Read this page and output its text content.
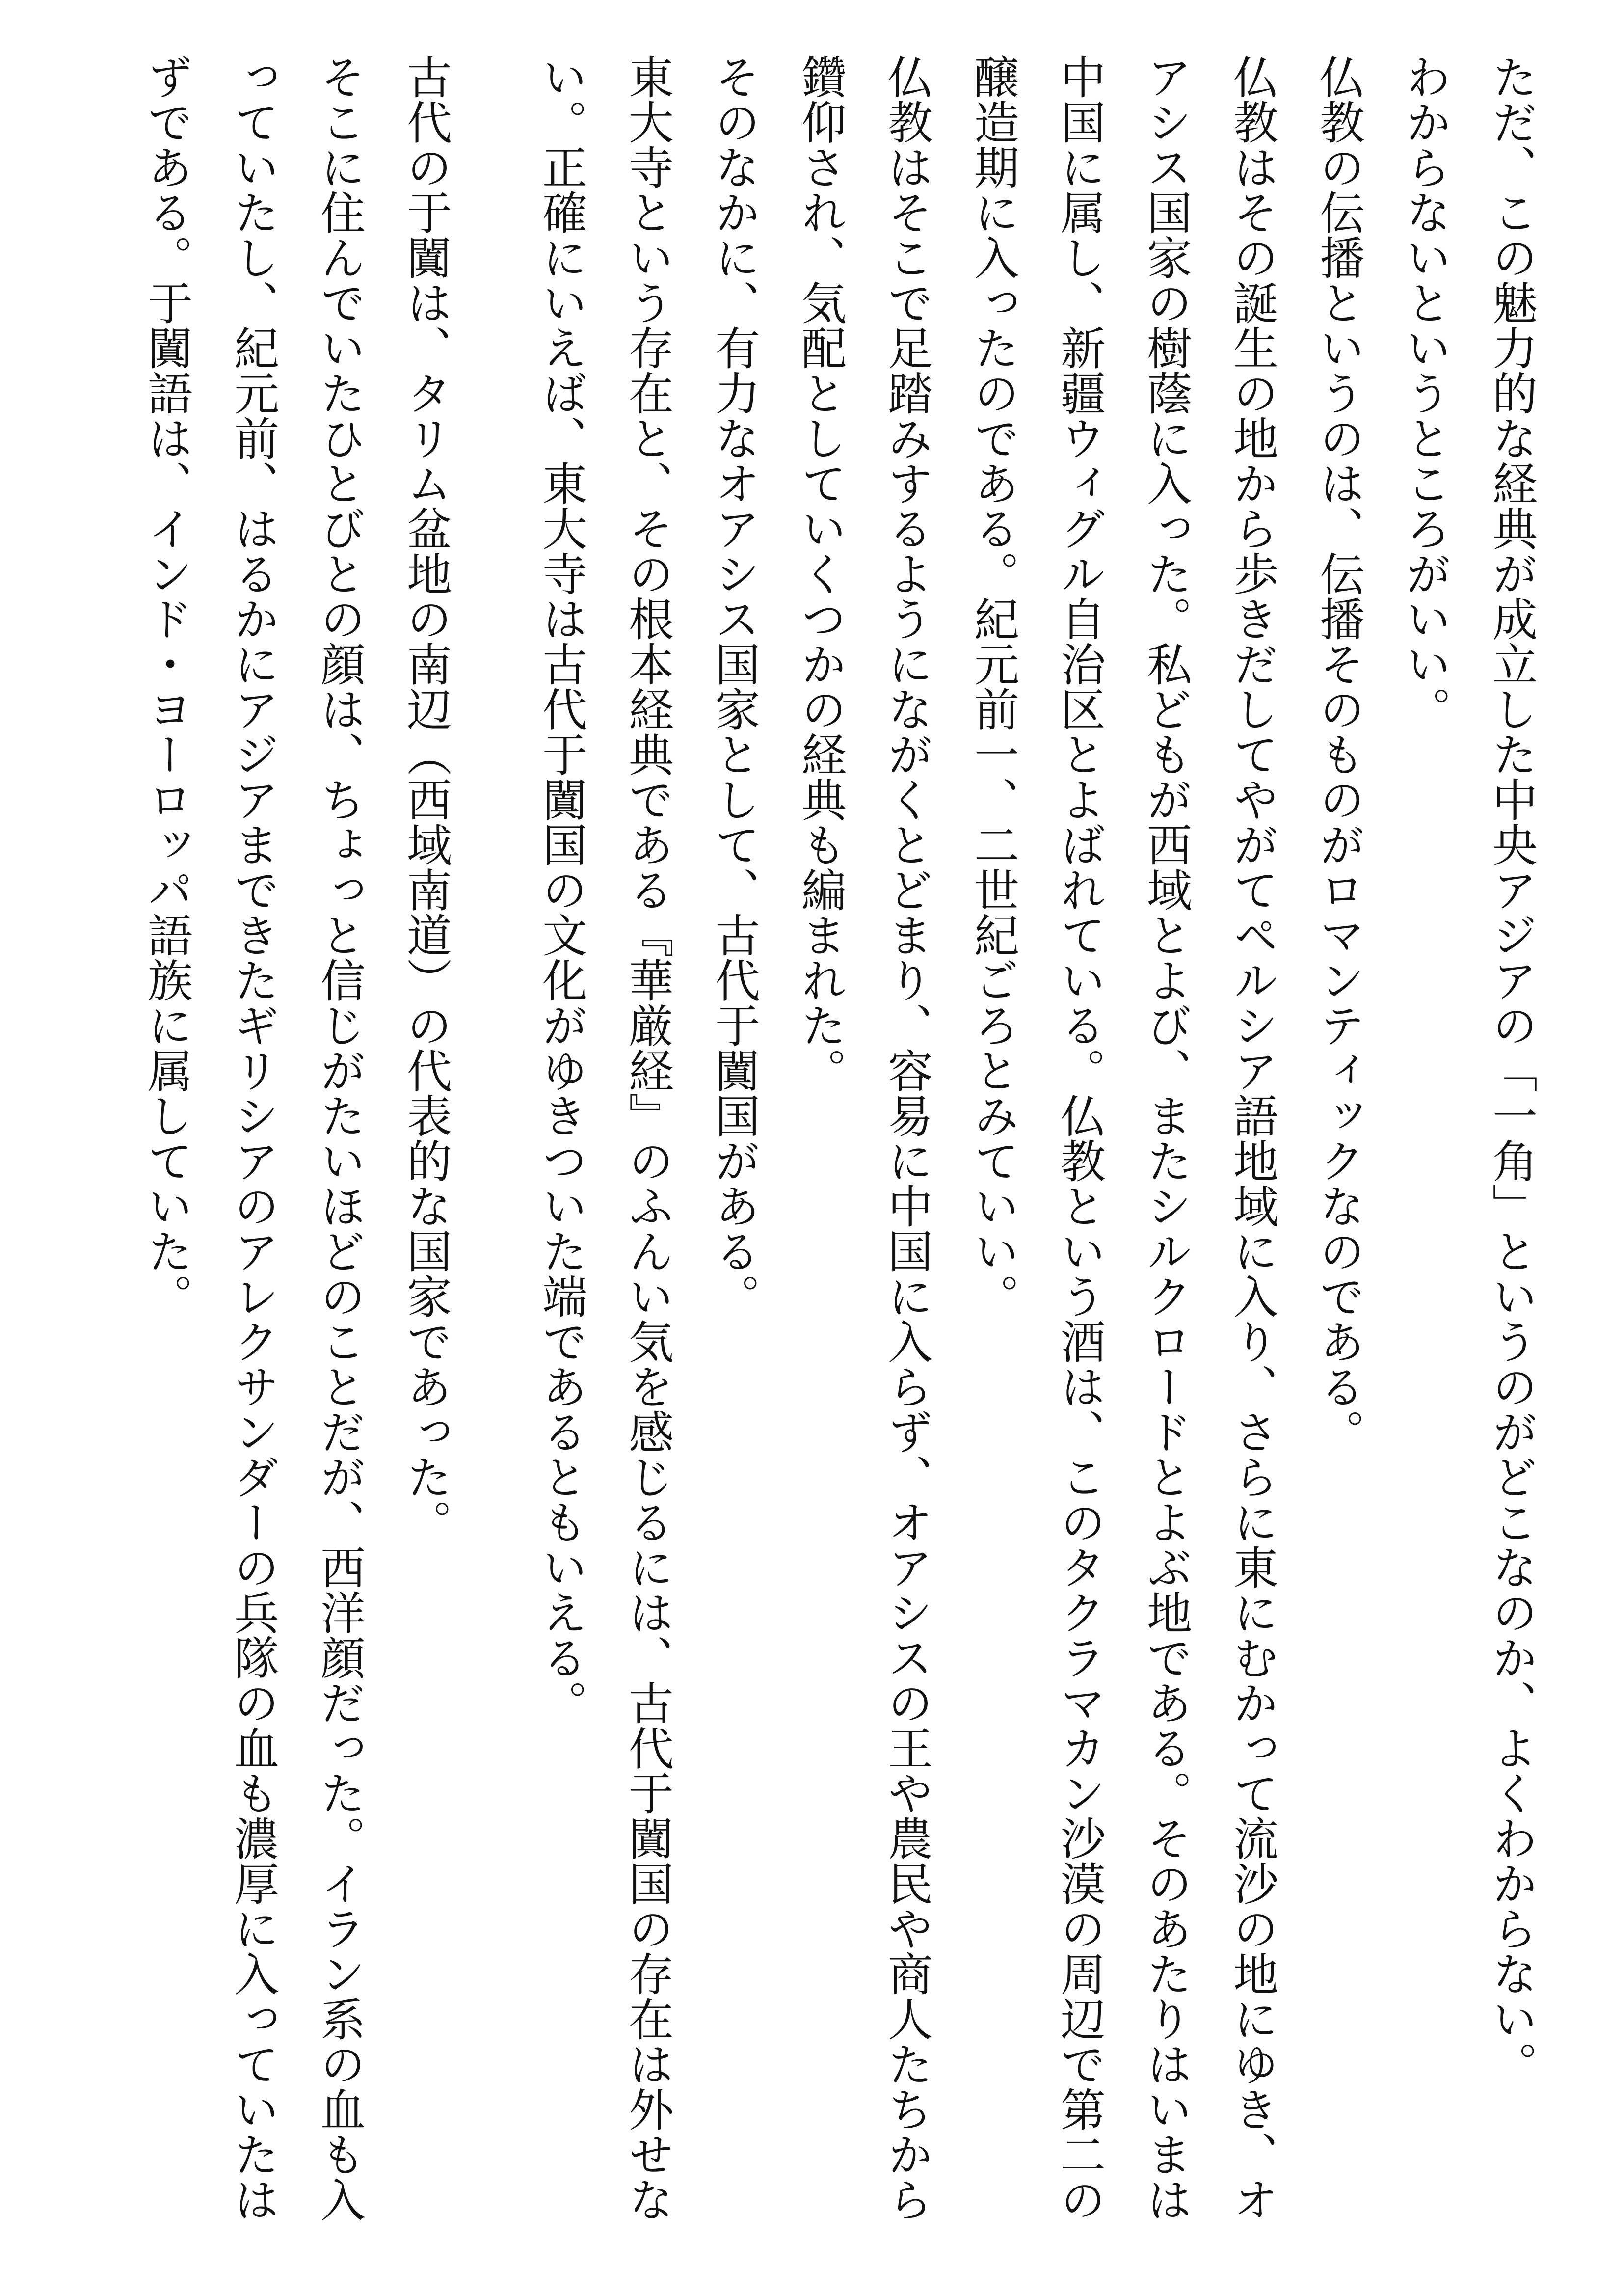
ただ、この魅力的な経典が成立した中央アジアの「一角」というのがどこなのか、よくわからない。

わからないというところがいい。

仏教の伝播というのは、伝播そのものがロマンティックなのである。

仏教はその誕生の地から歩きだしてやがてペルシア語地域に入り、さらに東にむかって流沙の地にゆき、オアシス国家の樹蔭に入った。私どもが西域とよび、またシルクロードとよぶ地である。そのあたりはいまは中国に属し、新疆ウィグル自治区とよばれている。仏教という酒は、このタクラマカン沙漠の周辺で第二の醸造期に入ったのである。紀元前一、二世紀ごろとみていい。

仏教はそこで足踏みするようにながくとどまり、容易に中国に入らず、オアシスの王や農民や商人たちから鑽仰され、気配としていくつかの経典も編まれた。

そのなかに、有力なオアシス国家として、古代于闐国がある。

東大寺という存在と、その根本経典である『華厳経』のふんい気を感じるには、古代于闐国の存在は外せない。正確にいえば、東大寺は古代于闐国の文化がゆきついた端であるともいえる。

古代の于闐は、タリム盆地の南辺（西域南道）の代表的な国家であった。

そこに住んでいたひとびとの顔は、ちょっと信じがたいほどのことだが、西洋顔だった。イラン系の血も入っていたし、紀元前、はるかにアジアまできたギリシアのアレクサンダーの兵隊の血も濃厚に入っていたはずである。于闐語は、インド・ヨーロッパ語族に属していた。
